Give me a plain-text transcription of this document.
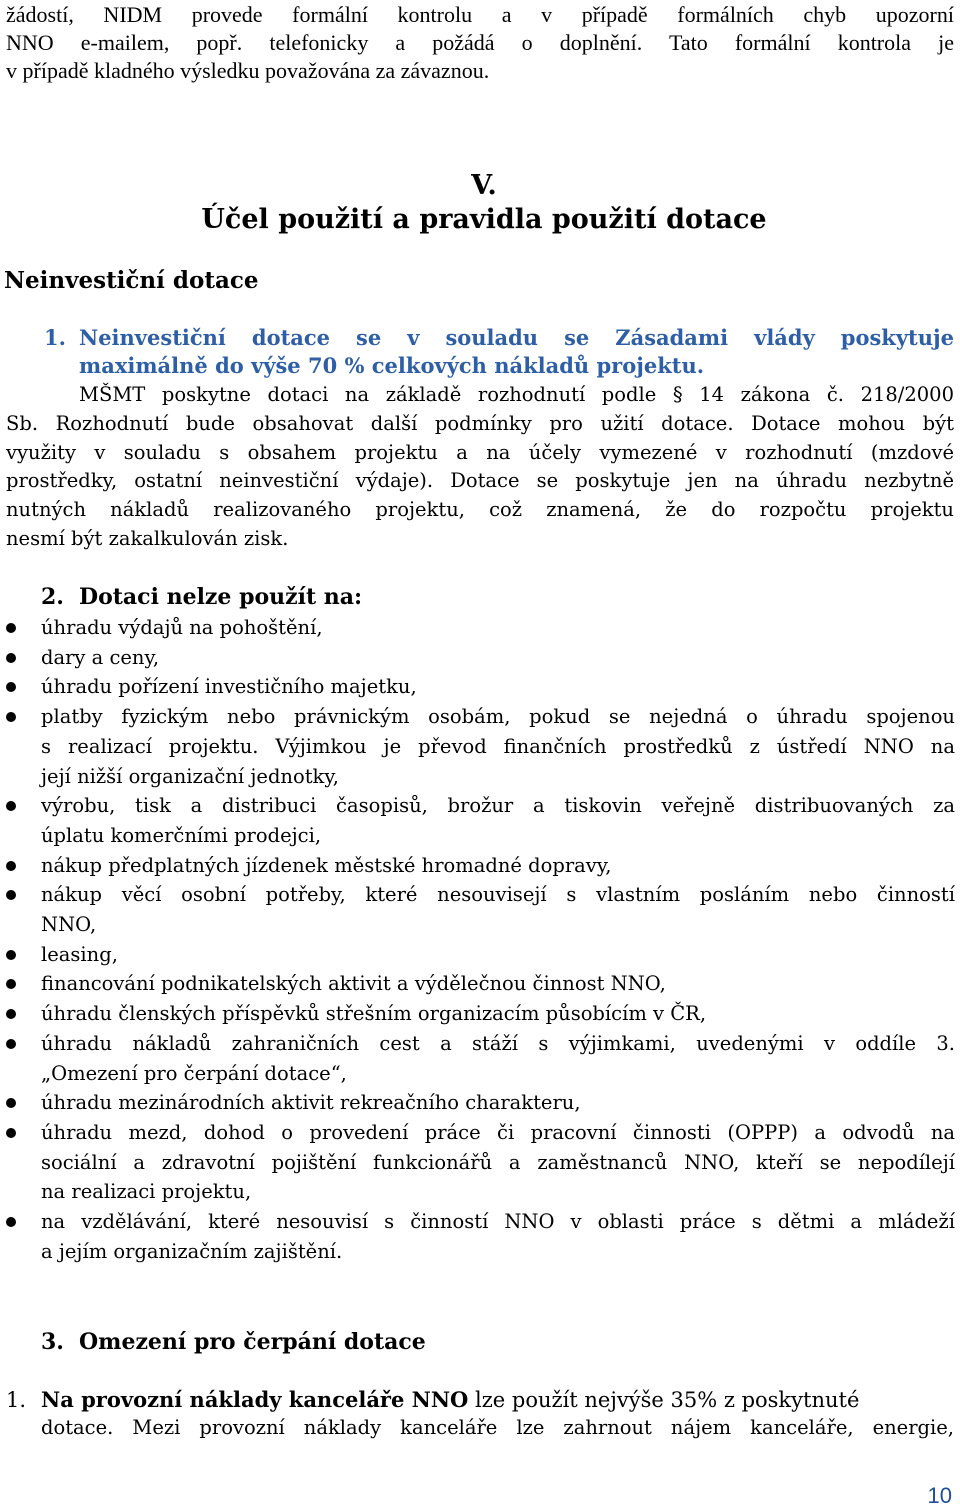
žádostí, NIDM provede formální kontrolu a v případě formálních chyb upozorní
NNO e-mailem, popř. telefonicky a požádá o doplnění. Tato formální kontrola je
v případě kladného výsledku považována za závaznou.
V.
Účel použití a pravidla použití dotace
Neinvestiční dotace
1. Neinvestiční dotace se v souladu se Zásadami vlády poskytuje
maximálně do výše 70 % celkových nákladů projektu.
MŠMT poskytne dotaci na základě rozhodnutí podle § 14 zákona č. 218/2000
Sb. Rozhodnutí bude obsahovat další podmínky pro užití dotace. Dotace mohou být
využity v souladu s obsahem projektu a na účely vymezené v rozhodnutí (mzdové
prostředky, ostatní neinvestiční výdaje). Dotace se poskytuje jen na úhradu nezbytně
nutných nákladů realizovaného projektu, což znamená, že do rozpočtu projektu
nesmí být zakalkulován zisk.
2. Dotaci nelze použít na:
úhradu výdajů na pohoštění,
dary a ceny,
úhradu pořízení investičního majetku,
platby fyzickým nebo právnickým osobám, pokud se nejedná o úhradu spojenou
s realizací projektu. Výjimkou je převod finančních prostředků z ústředí NNO na
její nižší organizační jednotky,
výrobu, tisk a distribuci časopisů, brožur a tiskovin veřejně distribuovaných za
úplatu komerčními prodejci,
nákup předplatných jízdenek městské hromadné dopravy,
nákup věcí osobní potřeby, které nesouvisejí s vlastním posláním nebo činností
NNO,
leasing,
financování podnikatelských aktivit a výdělečnou činnost NNO,
úhradu členských příspěvků střešním organizacím působícím v ČR,
úhradu nákladů zahraničních cest a stáží s výjimkami, uvedenými v oddíle 3.
„Omezení pro čerpání dotace“,
úhradu mezinárodních aktivit rekreačního charakteru,
úhradu mezd, dohod o provedení práce či pracovní činnosti (OPPP) a odvodů na
sociální a zdravotní pojištění funkcionářů a zaměstnanců NNO, kteří se nepodílejí
na realizaci projektu,
na vzdělávání, které nesouvisí s činností NNO v oblasti práce s dětmi a mládeží
a jejím organizačním zajištění.
3. Omezení pro čerpání dotace
1. Na provozní náklady kanceláře NNO lze použít nejvýše 35% z poskytnuté
dotace. Mezi provozní náklady kanceláře lze zahrnout nájem kanceláře, energie,
10
